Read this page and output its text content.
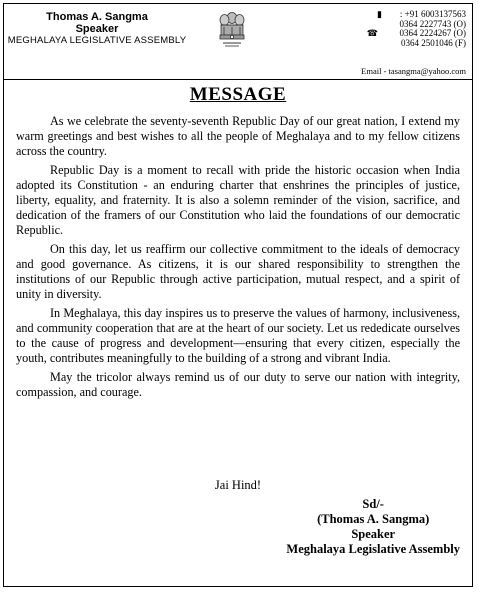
Thomas A. Sangma
Speaker
MEGHALAYA LEGISLATIVE ASSEMBLY
▮ : +91 6003137563
0364 2227743 (O)
☎ 0364 2224267 (O)
0364 2501046 (F)
Email - tasangma@yahoo.com
MESSAGE

As we celebrate the seventy-seventh Republic Day of our great nation, I extend my warm greetings and best wishes to all the people of Meghalaya and to my fellow citizens across the country.

Republic Day is a moment to recall with pride the historic occasion when India adopted its Constitution - an enduring charter that enshrines the principles of justice, liberty, equality, and fraternity. It is also a solemn reminder of the vision, sacrifice, and dedication of the framers of our Constitution who laid the foundations of our democratic Republic.

On this day, let us reaffirm our collective commitment to the ideals of democracy and good governance. As citizens, it is our shared responsibility to strengthen the institutions of our Republic through active participation, mutual respect, and a spirit of unity in diversity.

In Meghalaya, this day inspires us to preserve the values of harmony, inclusiveness, and community cooperation that are at the heart of our society. Let us rededicate ourselves to the cause of progress and development—ensuring that every citizen, especially the youth, contributes meaningfully to the building of a strong and vibrant India.

May the tricolor always remind us of our duty to serve our nation with integrity, compassion, and courage.

Jai Hind!
Sd/-
(Thomas A. Sangma)
Speaker
Meghalaya Legislative Assembly
